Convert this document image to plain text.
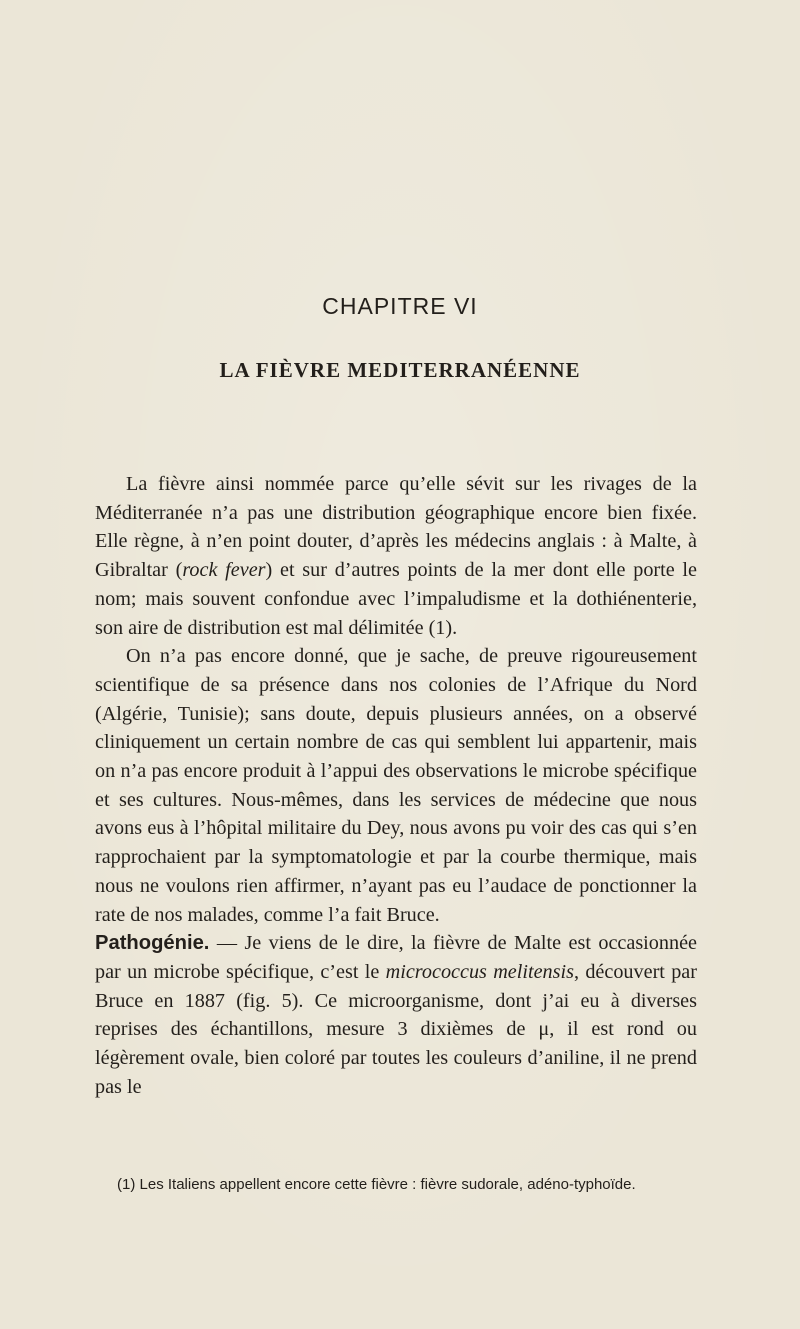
CHAPITRE VI
LA FIÈVRE MEDITERRANÉENNE

La fièvre ainsi nommée parce qu’elle sévit sur les rivages de la Méditerranée n’a pas une distribution géographique encore bien fixée. Elle règne, à n’en point douter, d’après les médecins anglais : à Malte, à Gibraltar (rock fever) et sur d’autres points de la mer dont elle porte le nom; mais souvent confondue avec l’impaludisme et la dothiénenterie, son aire de distribution est mal délimitée (1).

On n’a pas encore donné, que je sache, de preuve rigoureusement scientifique de sa présence dans nos colonies de l’Afrique du Nord (Algérie, Tunisie); sans doute, depuis plusieurs années, on a observé cliniquement un certain nombre de cas qui semblent lui appartenir, mais on n’a pas encore produit à l’appui des observations le microbe spécifique et ses cultures. Nous-mêmes, dans les services de médecine que nous avons eus à l’hôpital militaire du Dey, nous avons pu voir des cas qui s’en rapprochaient par la symptomatologie et par la courbe thermique, mais nous ne voulons rien affirmer, n’ayant pas eu l’audace de ponctionner la rate de nos malades, comme l’a fait Bruce.

Pathogénie. — Je viens de le dire, la fièvre de Malte est occasionnée par un microbe spécifique, c’est le micrococcus melitensis, découvert par Bruce en 1887 (fig. 5). Ce microorganisme, dont j’ai eu à diverses reprises des échantillons, mesure 3 dixièmes de μ, il est rond ou légèrement ovale, bien coloré par toutes les couleurs d’aniline, il ne prend pas le

(1) Les Italiens appellent encore cette fièvre : fièvre sudorale, adéno-typhoïde.
